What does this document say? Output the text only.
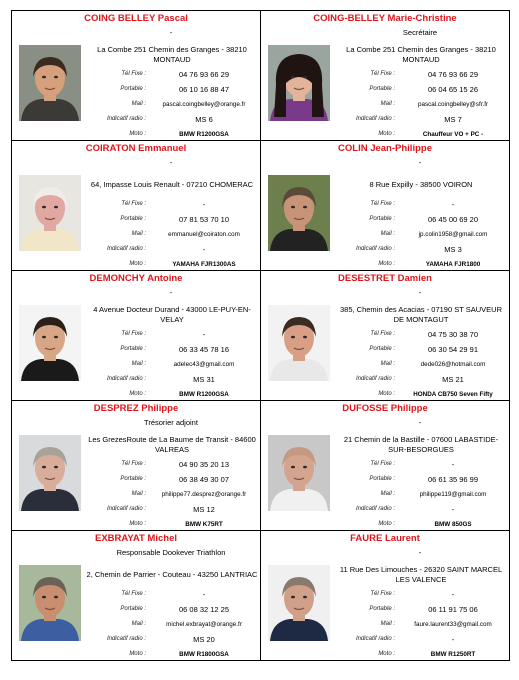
COING BELLEY Pascal
-
La Combe 251 Chemin des Granges - 38210 MONTAUD
Tél Fixe :	04 76 93 66 29
Portable :	06 10 16 88 47
Mail :	pascal.coingbelley@orange.fr
Indicatif radio :	MS 6
Moto :	BMW R1200GSA
COING-BELLEY Marie-Christine
Secrétaire
La Combe 251 Chemin des Granges - 38210 MONTAUD
Tél Fixe :	04 76 93 66 29
Portable :	06 04 65 15 26
Mail :	pascal.coingbelley@sfr.fr
Indicatif radio :	MS 7
Moto :	Chauffeur VO + PC -
COIRATON Emmanuel
-
64, Impasse Louis Renault - 07210 CHOMERAC
Tél Fixe :	-
Portable :	07 81 53 70 10
Mail :	emmanuel@coiraton.com
Indicatif radio :	-
Moto :	YAMAHA FJR1300AS
COLIN Jean-Philippe
-
8 Rue Expilly - 38500 VOIRON
Tél Fixe :	-
Portable :	06 45 00 69 20
Mail :	jp.colin1958@gmail.com
Indicatif radio :	MS 3
Moto :	YAMAHA FJR1800
DEMONCHY Antoine
-
4 Avenue Docteur Durand - 43000 LE-PUY-EN-VELAY
Tél Fixe :	-
Portable :	06 33 45 78 16
Mail :	adelec43@gmail.com
Indicatif radio :	MS 31
Moto :	BMW R1200GSA
DESESTRET Damien
-
385, Chemin des Acacias - 07190 ST SAUVEUR DE MONTAGUT
Tél Fixe :	04 75 30 38 70
Portable :	06 30 54 29 91
Mail :	dede026@hotmail.com
Indicatif radio :	MS 21
Moto :	HONDA CB750 Seven Fifty
DESPREZ Philippe
Trésorier adjoint
Les GrezesRoute de La Baume de Transit - 84600 VALREAS
Tél Fixe :	04 90 35 20 13
Portable :	06 38 49 30 07
Mail :	philippe77.desprez@orange.fr
Indicatif radio :	MS 12
Moto :	BMW K75RT
DUFOSSE Philippe
-
21 Chemin de la Bastille - 07600 LABASTIDE-SUR-BESORGUES
Tél Fixe :	-
Portable :	06 61 35 96 99
Mail :	philippe119@gmail.com
Indicatif radio :	-
Moto :	BMW 850GS
EXBRAYAT Michel
Responsable Dookever Triathlon
2, Chemin de Parrier - Couteau - 43250 LANTRIAC
Tél Fixe :	-
Portable :	06 08 32 12 25
Mail :	michel.exbrayat@orange.fr
Indicatif radio :	MS 20
Moto :	BMW R1800GSA
FAURE Laurent
-
11 Rue Des Limouches - 26320 SAINT MARCEL LES VALENCE
Tél Fixe :	-
Portable :	06 11 91 75 06
Mail :	faure.laurent33@gmail.com
Indicatif radio :	-
Moto :	BMW R1250RT
